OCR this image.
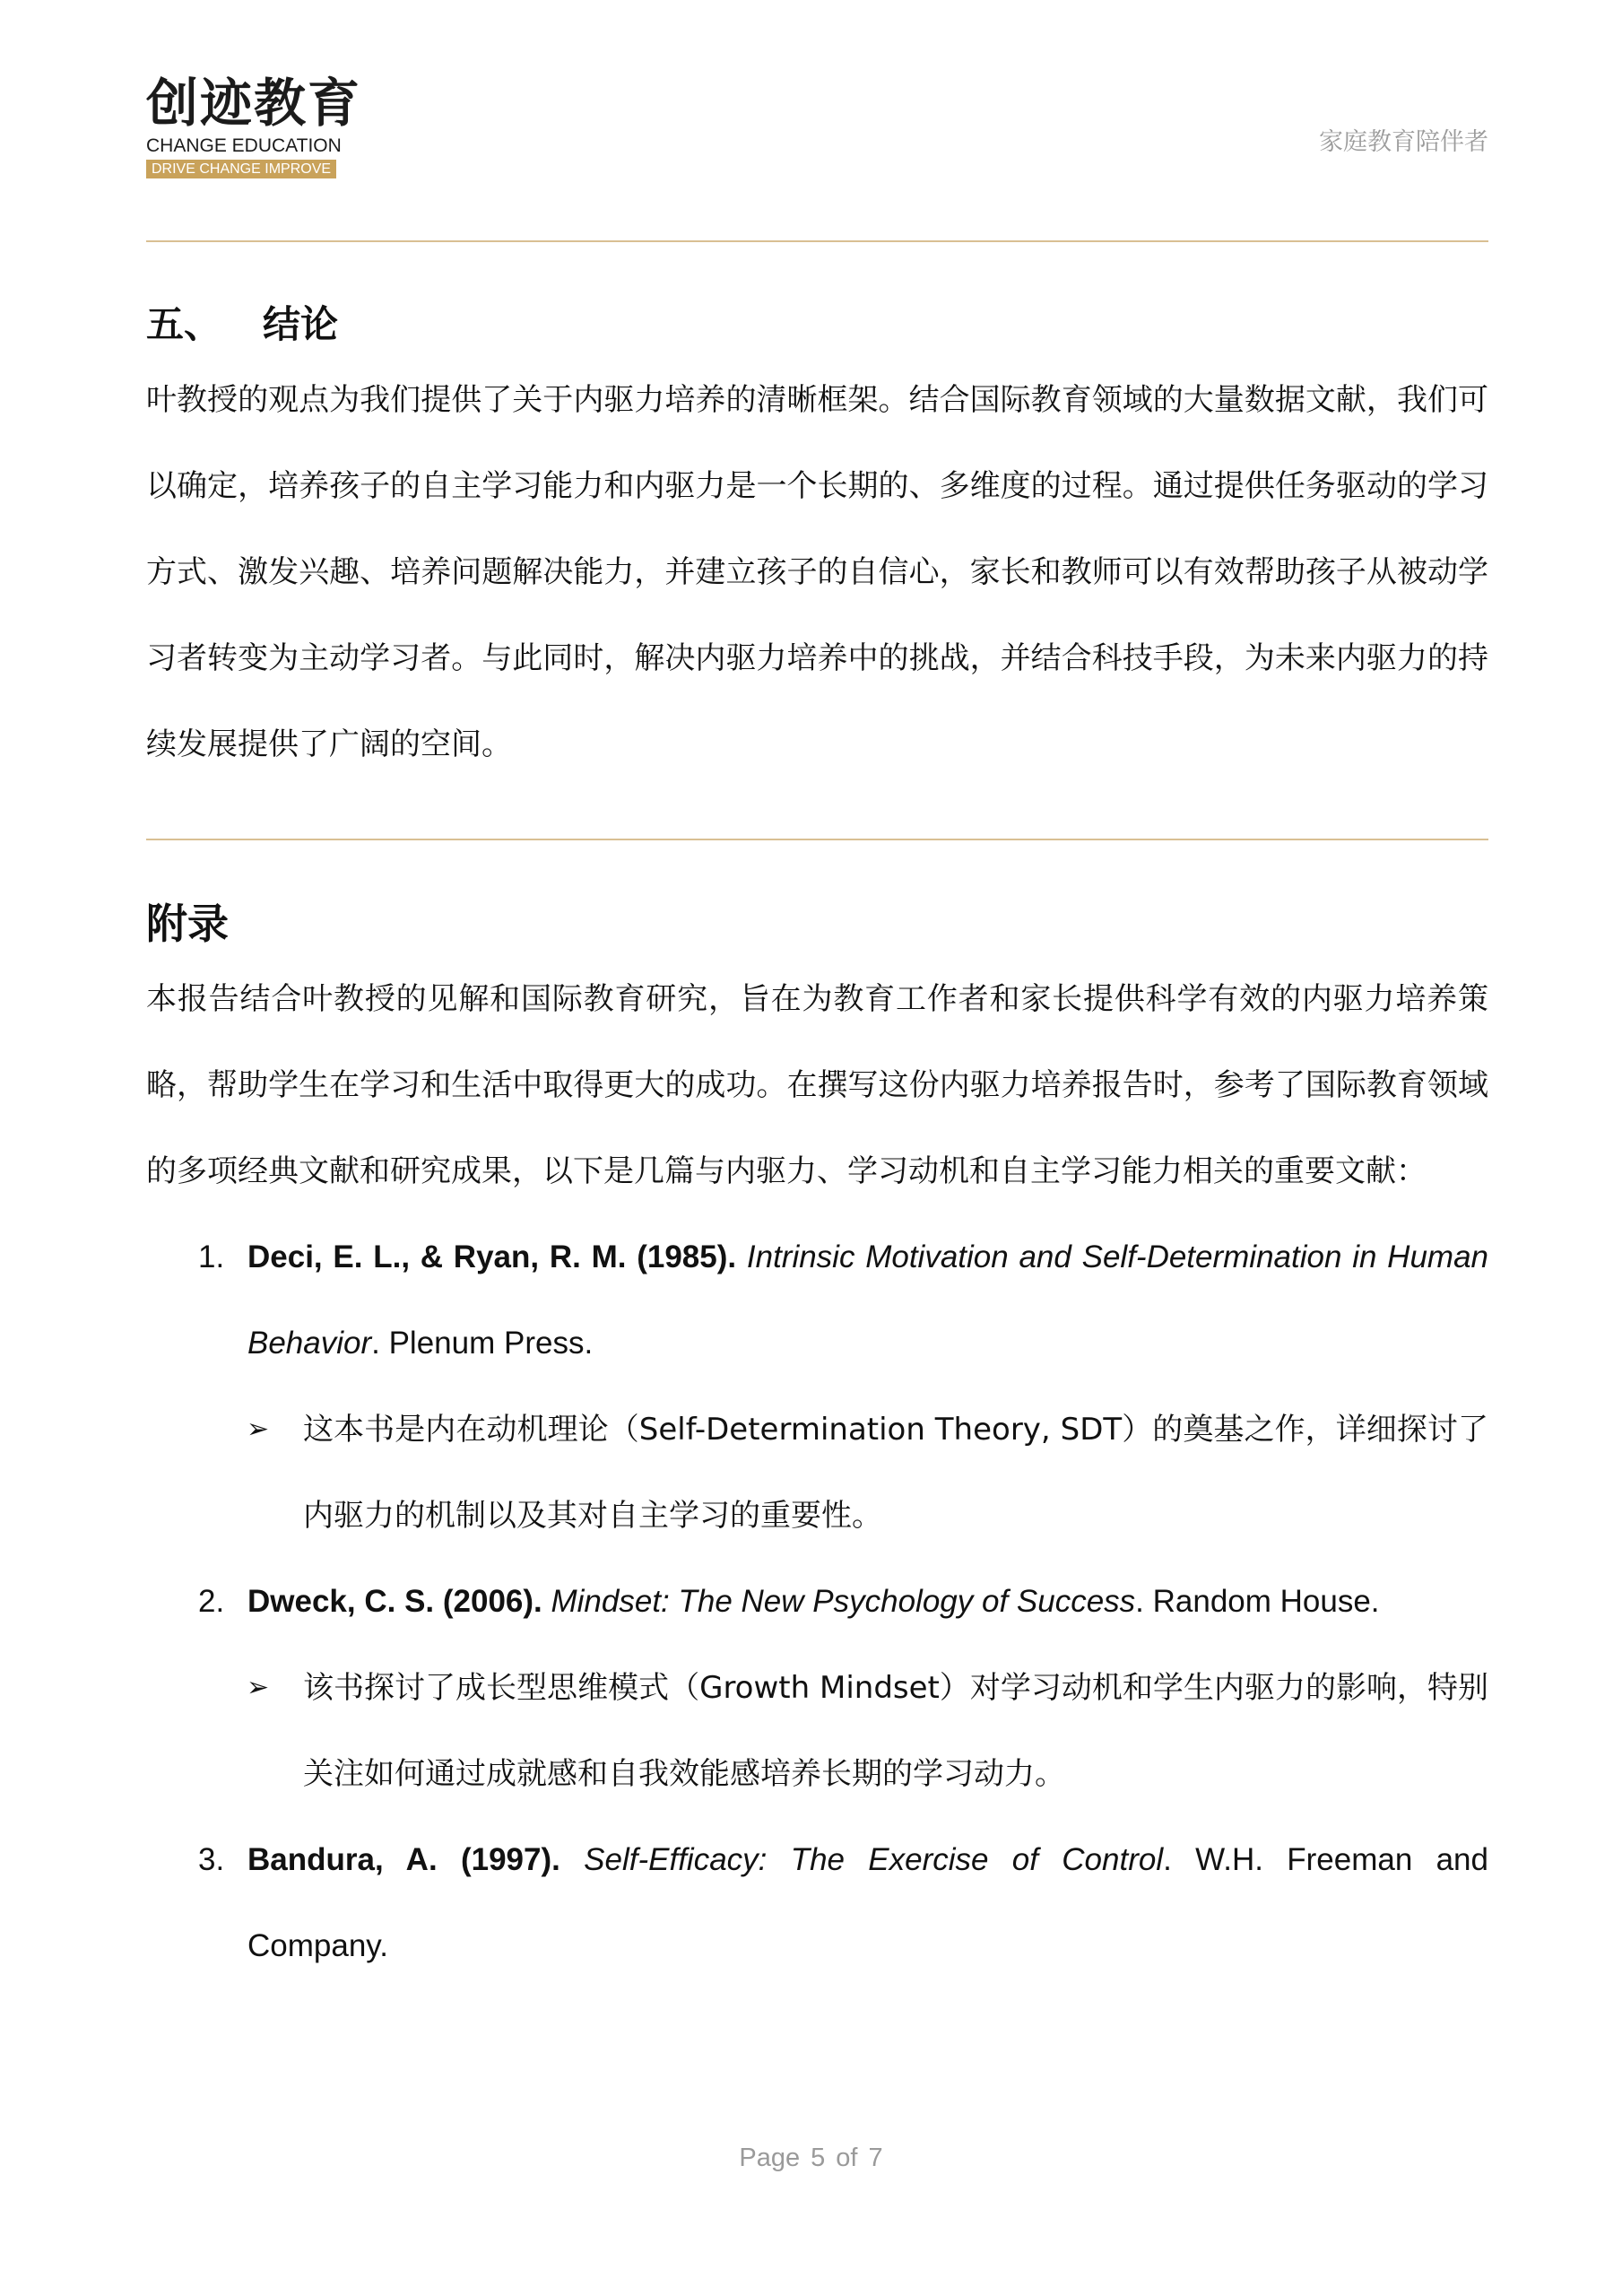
创迹教育
CHANGE EDUCATION
DRIVE CHANGE IMPROVE
家庭教育陪伴者
五、 结论

叶教授的观点为我们提供了关于内驱力培养的清晰框架。结合国际教育领域的大量数据文献，我们可以确定，培养孩子的自主学习能力和内驱力是一个长期的、多维度的过程。通过提供任务驱动的学习方式、激发兴趣、培养问题解决能力，并建立孩子的自信心，家长和教师可以有效帮助孩子从被动学习者转变为主动学习者。与此同时，解决内驱力培养中的挑战，并结合科技手段，为未来内驱力的持续发展提供了广阔的空间。

附录

本报告结合叶教授的见解和国际教育研究，旨在为教育工作者和家长提供科学有效的内驱力培养策略，帮助学生在学习和生活中取得更大的成功。在撰写这份内驱力培养报告时，参考了国际教育领域的多项经典文献和研究成果，以下是几篇与内驱力、学习动机和自主学习能力相关的重要文献：

1. Deci, E. L., & Ryan, R. M. (1985). Intrinsic Motivation and Self-Determination in Human Behavior. Plenum Press.
➢ 这本书是内在动机理论（Self-Determination Theory, SDT）的奠基之作，详细探讨了内驱力的机制以及其对自主学习的重要性。
2. Dweck, C. S. (2006). Mindset: The New Psychology of Success. Random House.
➢ 该书探讨了成长型思维模式（Growth Mindset）对学习动机和学生内驱力的影响，特别关注如何通过成就感和自我效能感培养长期的学习动力。
3. Bandura, A. (1997). Self-Efficacy: The Exercise of Control. W.H. Freeman and Company.
Page 5 of 7
